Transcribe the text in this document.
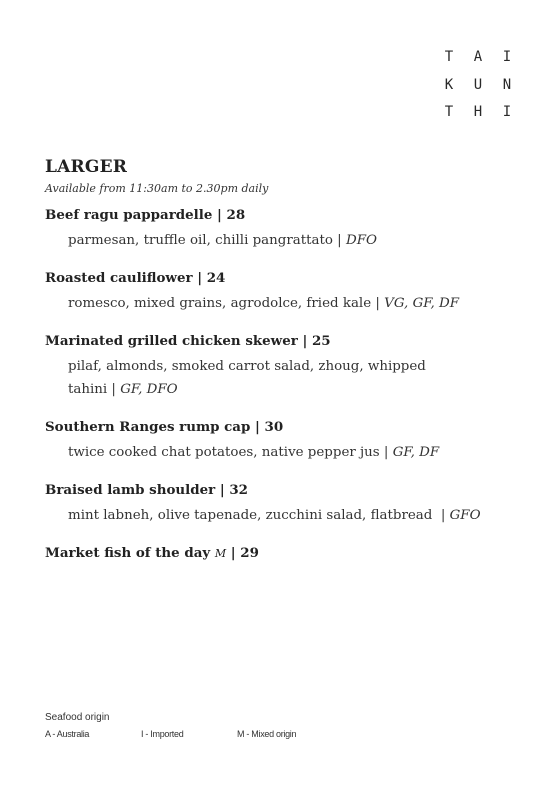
T A I
K U N
T H I
LARGER
Available from 11:30am to 2.30pm daily
Beef ragu pappardelle | 28
parmesan, truffle oil, chilli pangrattato | DFO
Roasted cauliflower | 24
romesco, mixed grains, agrodolce, fried kale | VG, GF, DF
Marinated grilled chicken skewer | 25
pilaf, almonds, smoked carrot salad, zhoug, whipped tahini | GF, DFO
Southern Ranges rump cap | 30
twice cooked chat potatoes, native pepper jus | GF, DF
Braised lamb shoulder | 32
mint labneh, olive tapenade, zucchini salad, flatbread  | GFO
Market fish of the day M | 29
Seafood origin
A - Australia	I - Imported	M - Mixed origin
